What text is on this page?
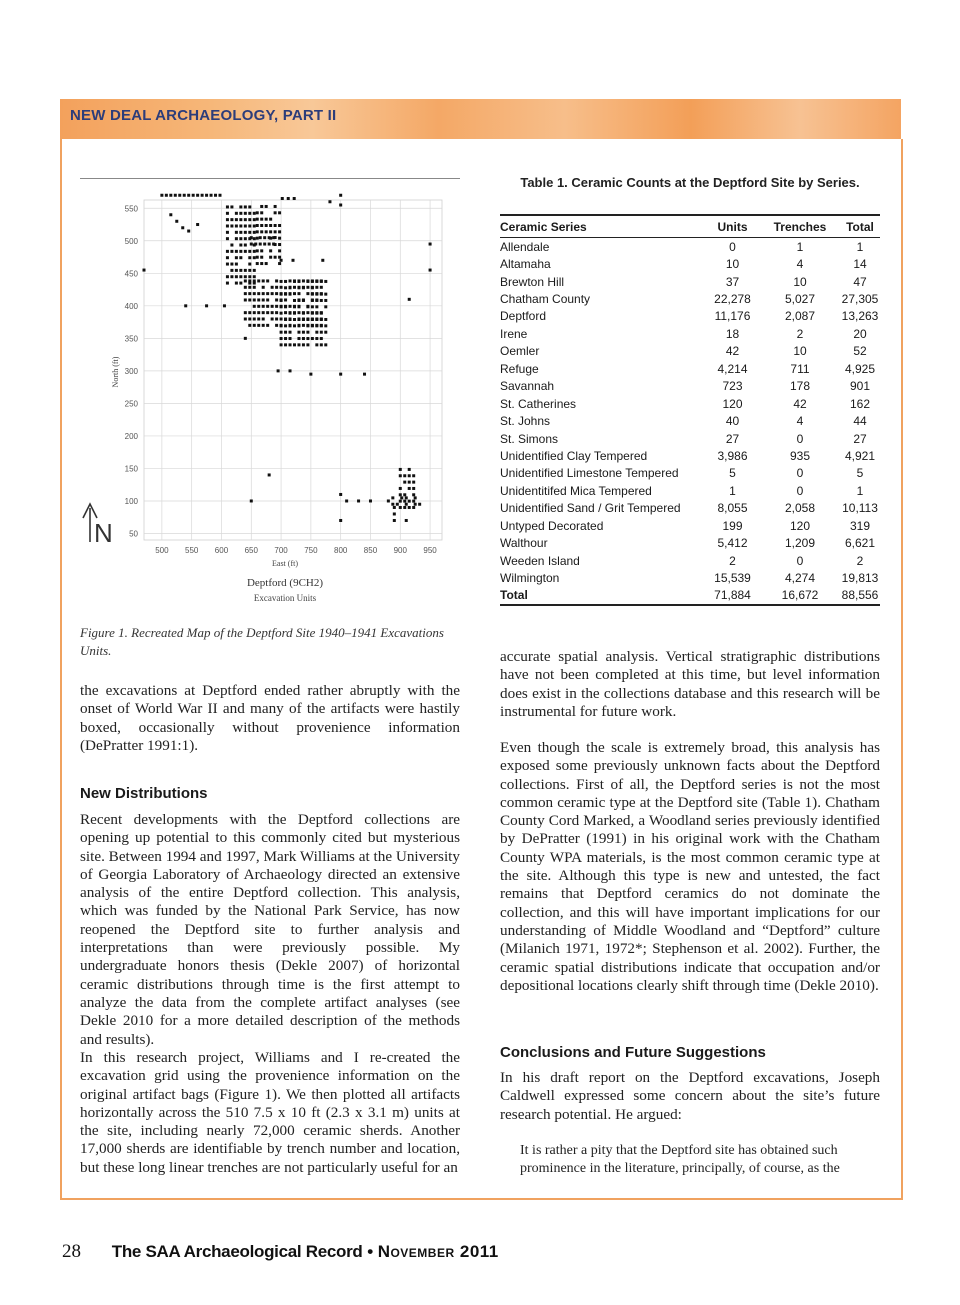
NEW DEAL ARCHAEOLOGY, PART II
550
500
450
400
350
300
250
200
150
100
50
500 550 600 650 700 750 800 850 900 950
North (ft)
East (ft)
Deptford (9CH2)
Excavation Units
N
Figure 1. Recreated Map of the Deptford Site 1940–1941 Excavations Units.
Table 1. Ceramic Counts at the Deptford Site by Series.
Ceramic Series	Units	Trenches	Total
Allendale	0	1	1
Altamaha	10	4	14
Brewton Hill	37	10	47
Chatham County	22,278	5,027	27,305
Deptford	11,176	2,087	13,263
Irene	18	2	20
Oemler	42	10	52
Refuge	4,214	711	4,925
Savannah	723	178	901
St. Catherines	120	42	162
St. Johns	40	4	44
St. Simons	27	0	27
Unidentified Clay Tempered	3,986	935	4,921
Unidentified Limestone Tempered	5	0	5
Unidentitifed Mica Tempered	1	0	1
Unidentified Sand / Grit Tempered	8,055	2,058	10,113
Untyped Decorated	199	120	319
Walthour	5,412	1,209	6,621
Weeden Island	2	0	2
Wilmington	15,539	4,274	19,813
Total	71,884	16,672	88,556
the excavations at Deptford ended rather abruptly with the onset of World War II and many of the artifacts were hastily boxed, occasionally without provenience information (DePratter 1991:1).
New Distributions
Recent developments with the Deptford collections are opening up potential to this commonly cited but mysterious site. Between 1994 and 1997, Mark Williams at the University of Georgia Laboratory of Archaeology directed an extensive analysis of the entire Deptford collection. This analysis, which was funded by the National Park Service, has now reopened the Deptford site to further analysis and interpretations than were previously possible. My undergraduate honors thesis (Dekle 2007) of horizontal ceramic distributions through time is the first attempt to analyze the data from the complete artifact analyses (see Dekle 2010 for a more detailed description of the methods and results).
In this research project, Williams and I re-created the excavation grid using the provenience information on the original artifact bags (Figure 1). We then plotted all artifacts horizontally across the 510 7.5 x 10 ft (2.3 x 3.1 m) units at the site, including nearly 72,000 ceramic sherds. Another 17,000 sherds are identifiable by trench number and location, but these long linear trenches are not particularly useful for an
accurate spatial analysis. Vertical stratigraphic distributions have not been completed at this time, but level information does exist in the collections database and this research will be instrumental for future work.
Even though the scale is extremely broad, this analysis has exposed some previously unknown facts about the Deptford collections. First of all, the Deptford series is not the most common ceramic type at the Deptford site (Table 1). Chatham County Cord Marked, a Woodland series previously identified by DePratter (1991) in his original work with the Chatham County WPA materials, is the most common ceramic type at the site. Although this type is new and untested, the fact remains that Deptford ceramics do not dominate the collection, and this will have important implications for our understanding of Middle Woodland and “Deptford” culture (Milanich 1971, 1972*; Stephenson et al. 2002). Further, the ceramic spatial distributions indicate that occupation and/or depositional locations clearly shift through time (Dekle 2010).
Conclusions and Future Suggestions
In his draft report on the Deptford excavations, Joseph Caldwell expressed some concern about the site’s future research potential. He argued:
It is rather a pity that the Deptford site has obtained such prominence in the literature, principally, of course, as the
28 The SAA Archaeological Record • November 2011
